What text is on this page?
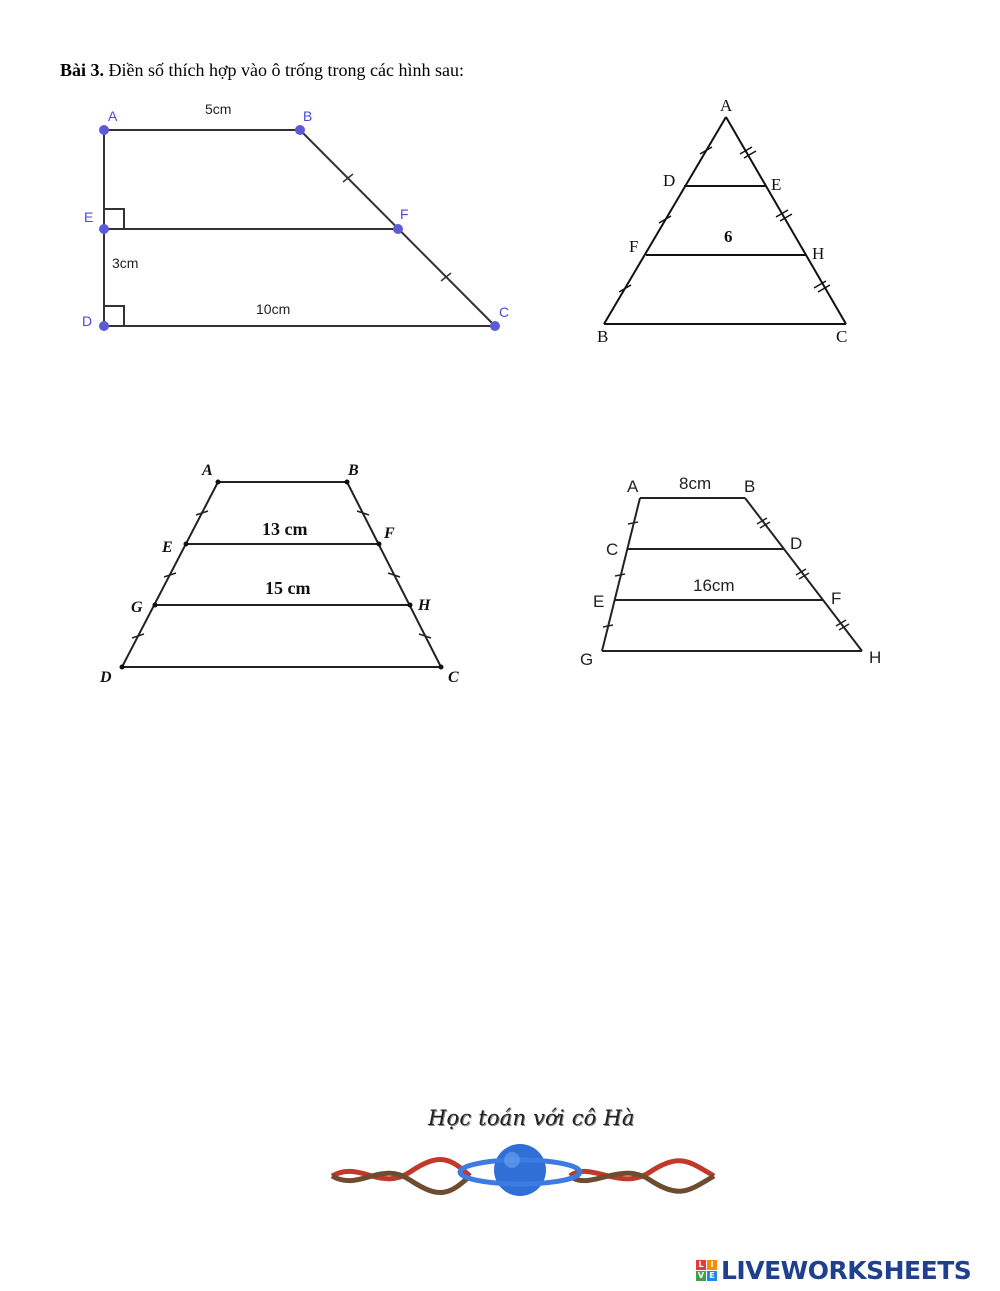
Bài 3. Điền số thích hợp vào ô trống trong các hình sau:
A	B
C
D
E	F
5cm
3cm
10cm
A
B	C
D	E
F	H
6
A	B
E
F
G	H
D	C
13 cm
15 cm
A	B
C	D
E	F
G	H
8cm
16cm
Học toán với cô Hà
L I
V E LIVEWORKSHEETS
